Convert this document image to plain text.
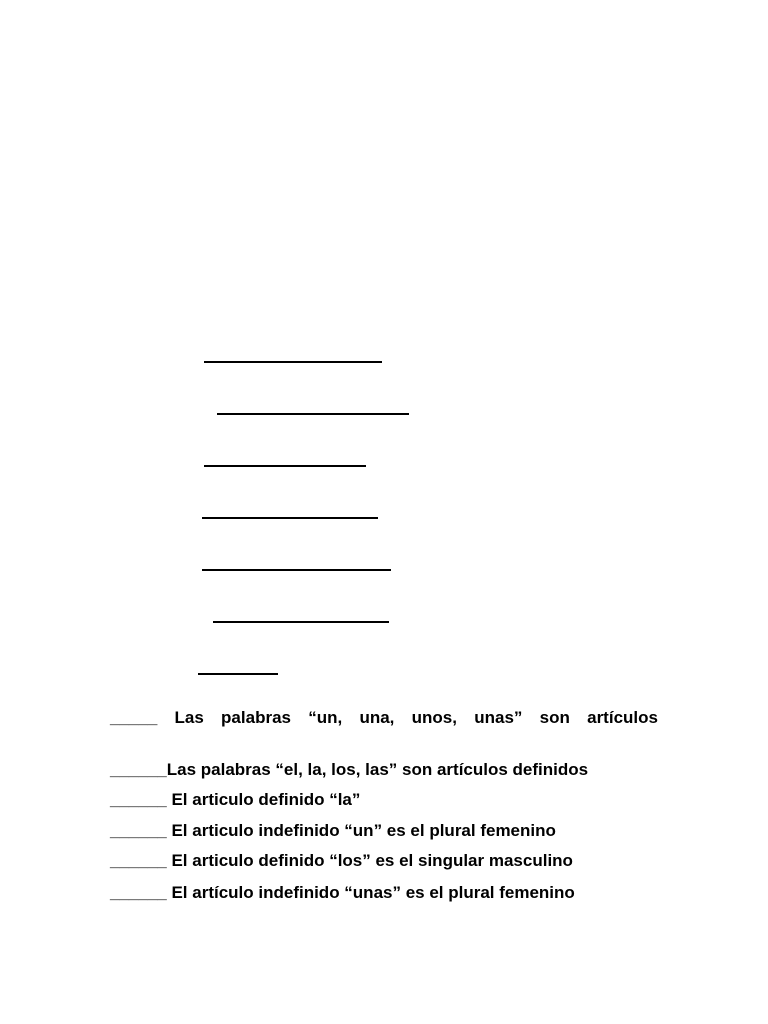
_____ Las palabras “un, una, unos, unas” son artículos
______Las palabras “el, la, los, las” son artículos definidos
______ El articulo definido “la”
______ El articulo indefinido “un” es el plural femenino
______ El articulo definido “los” es el singular masculino
______ El artículo indefinido “unas” es el plural femenino
